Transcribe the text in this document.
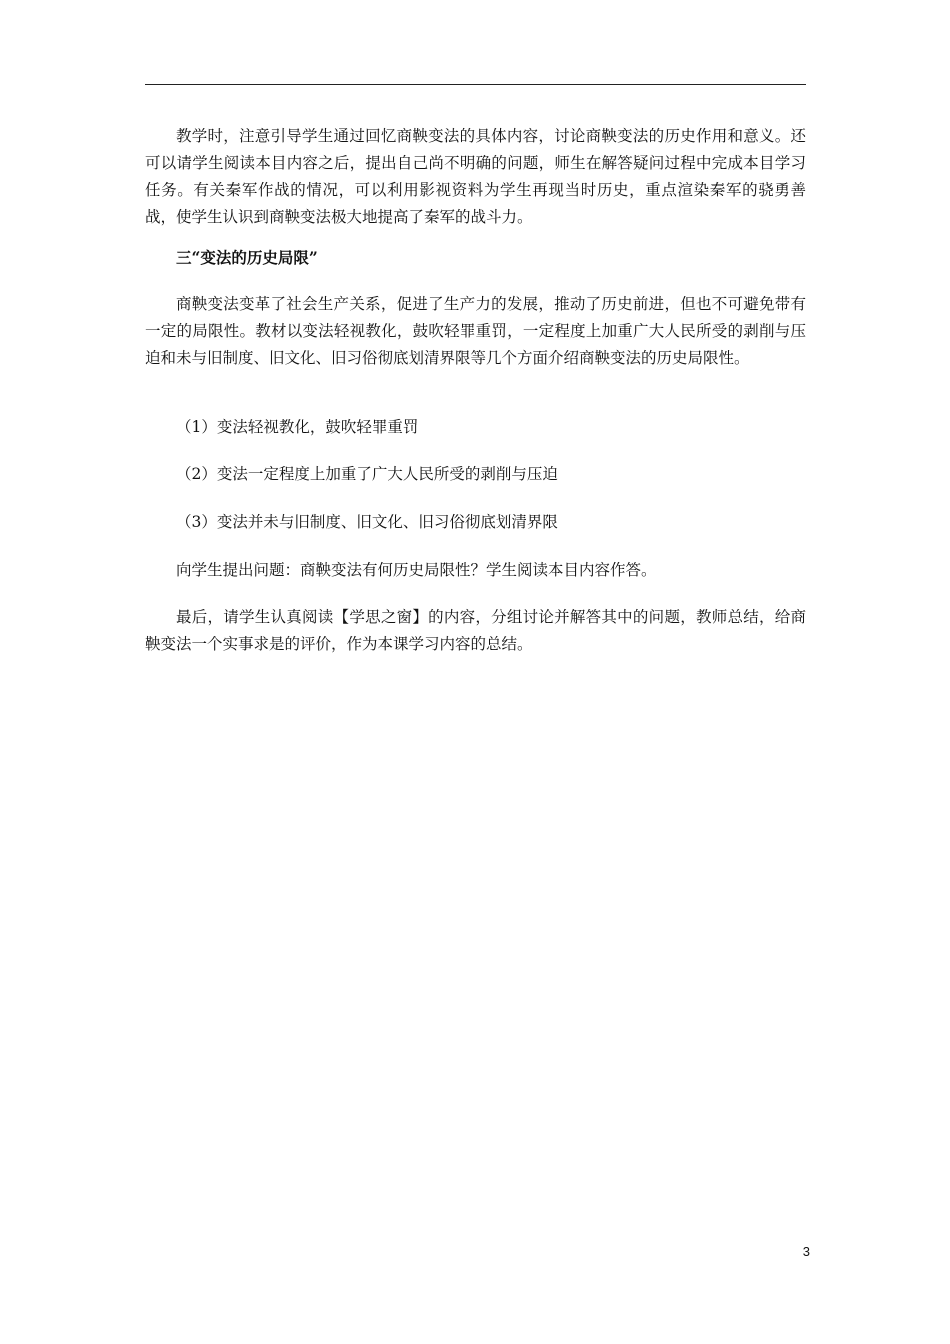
教学时，注意引导学生通过回忆商鞅变法的具体内容，讨论商鞅变法的历史作用和意义。还可以请学生阅读本目内容之后，提出自己尚不明确的问题，师生在解答疑问过程中完成本目学习任务。有关秦军作战的情况，可以利用影视资料为学生再现当时历史，重点渲染秦军的骁勇善战，使学生认识到商鞅变法极大地提高了秦军的战斗力。

三“变法的历史局限”

商鞅变法变革了社会生产关系，促进了生产力的发展，推动了历史前进，但也不可避免带有一定的局限性。教材以变法轻视教化，鼓吹轻罪重罚，一定程度上加重广大人民所受的剥削与压迫和未与旧制度、旧文化、旧习俗彻底划清界限等几个方面介绍商鞅变法的历史局限性。

（1）变法轻视教化，鼓吹轻罪重罚

（2）变法一定程度上加重了广大人民所受的剥削与压迫

（3）变法并未与旧制度、旧文化、旧习俗彻底划清界限

向学生提出问题：商鞅变法有何历史局限性？学生阅读本目内容作答。

最后，请学生认真阅读【学思之窗】的内容，分组讨论并解答其中的问题，教师总结，给商鞅变法一个实事求是的评价，作为本课学习内容的总结。

3
